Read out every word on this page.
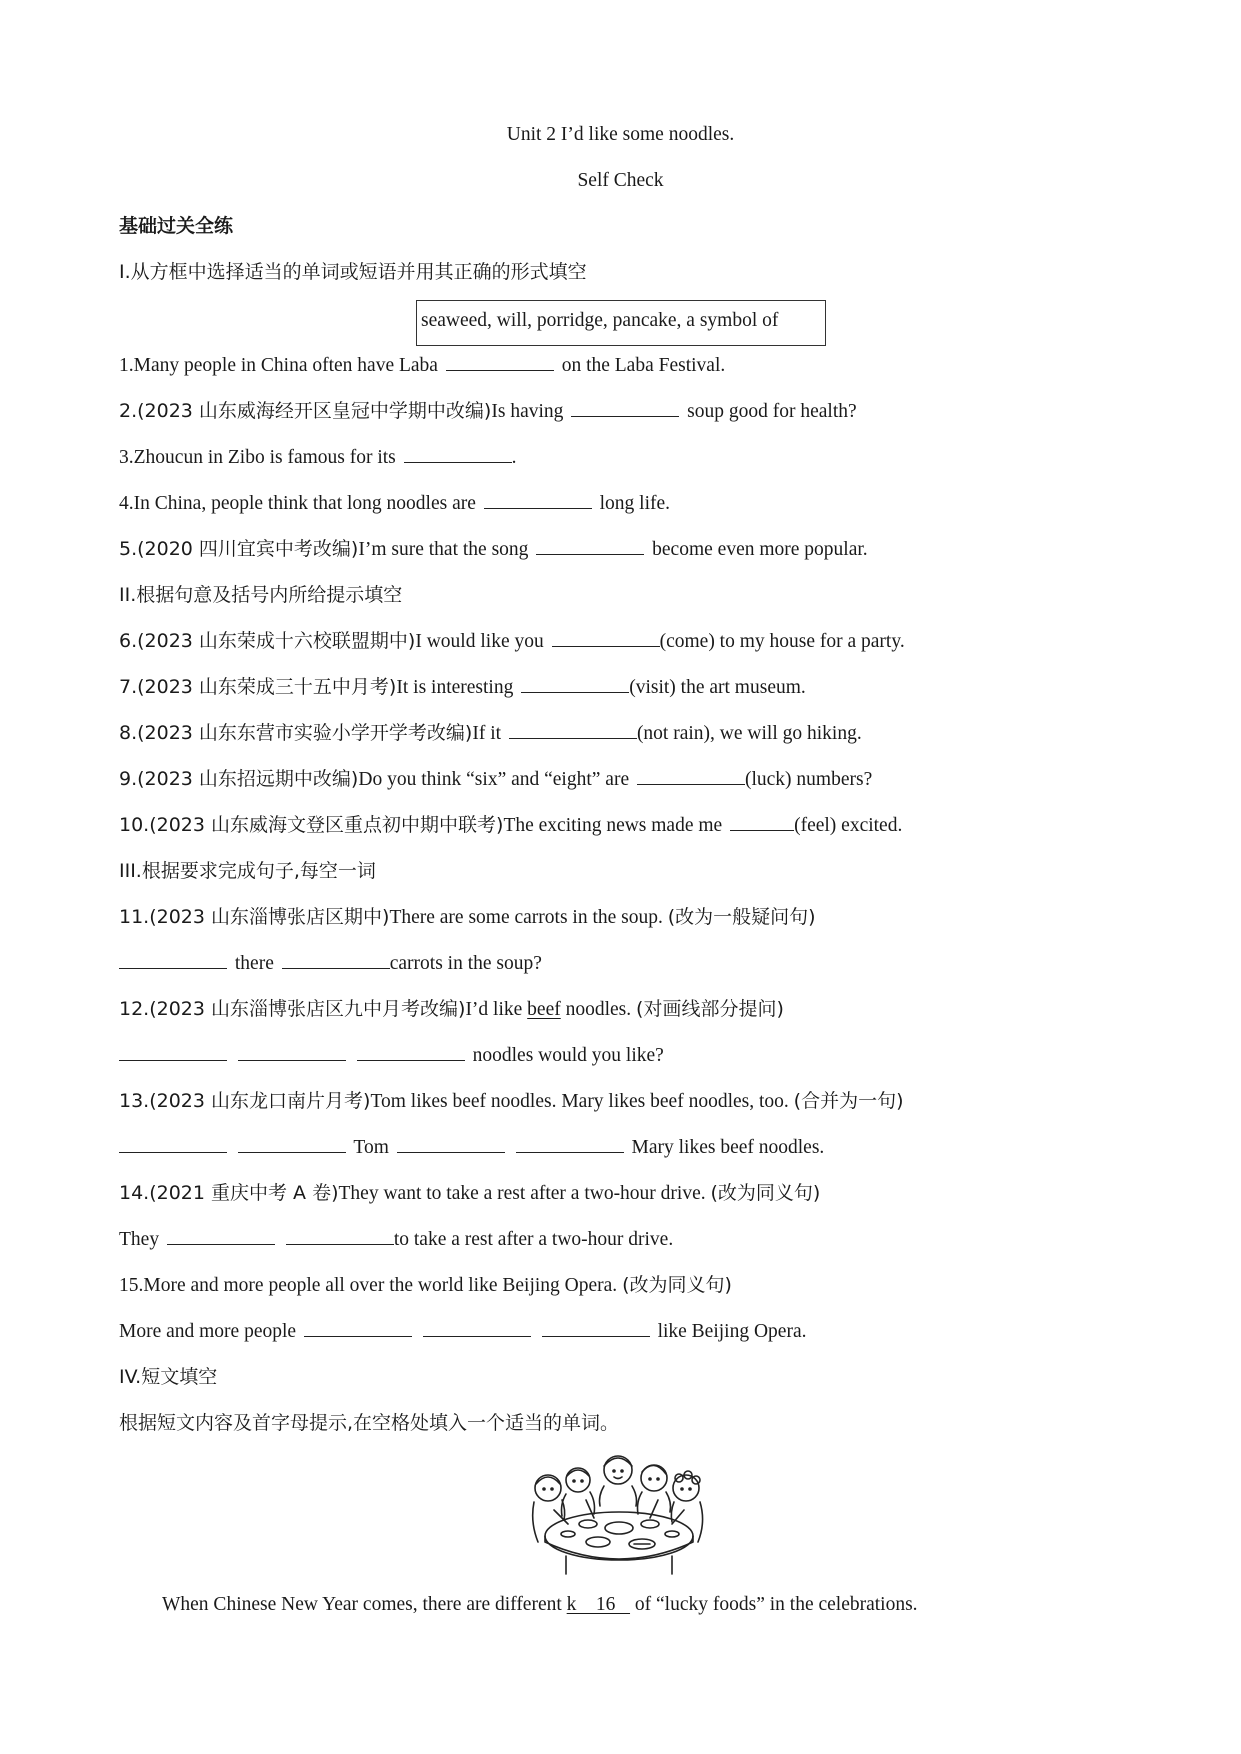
Unit 2 I’d like some noodles.
Self Check
基础过关全练
I.从方框中选择适当的单词或短语并用其正确的形式填空
seaweed, will, porridge, pancake, a symbol of
1.Many people in China often have Laba	on the Laba Festival.
2.(2023 山东威海经开区皇冠中学期中改编)Is having	soup good for health?
3.Zhoucun in Zibo is famous for its	.
4.In China, people think that long noodles are	long life.
5.(2020 四川宜宾中考改编)I’m sure that the song	become even more popular.
II.根据句意及括号内所给提示填空
6.(2023 山东荣成十六校联盟期中)I would like you	(come) to my house for a party.
7.(2023 山东荣成三十五中月考)It is interesting	(visit) the art museum.
8.(2023 山东东营市实验小学开学考改编)If it	(not rain), we will go hiking.
9.(2023 山东招远期中改编)Do you think “six” and “eight” are	(luck) numbers?
10.(2023 山东威海文登区重点初中期中联考)The exciting news made me	(feel) excited.
III.根据要求完成句子,每空一词
11.(2023 山东淄博张店区期中)There are some carrots in the soup. (改为一般疑问句)
there	carrots in the soup?
12.(2023 山东淄博张店区九中月考改编)I’d like beef noodles. (对画线部分提问)
noodles would you like?
13.(2023 山东龙口南片月考)Tom likes beef noodles. Mary likes beef noodles, too. (合并为一句)
Tom	Mary likes beef noodles.
14.(2021 重庆中考 A 卷)They want to take a rest after a two-hour drive. (改为同义句)
They	to take a rest after a two-hour drive.
15.More and more people all over the world like Beijing Opera. (改为同义句)
More and more people	like Beijing Opera.
IV.短文填空
根据短文内容及首字母提示,在空格处填入一个适当的单词。
When Chinese New Year comes, there are different k    16    of “lucky foods” in the celebrations.
